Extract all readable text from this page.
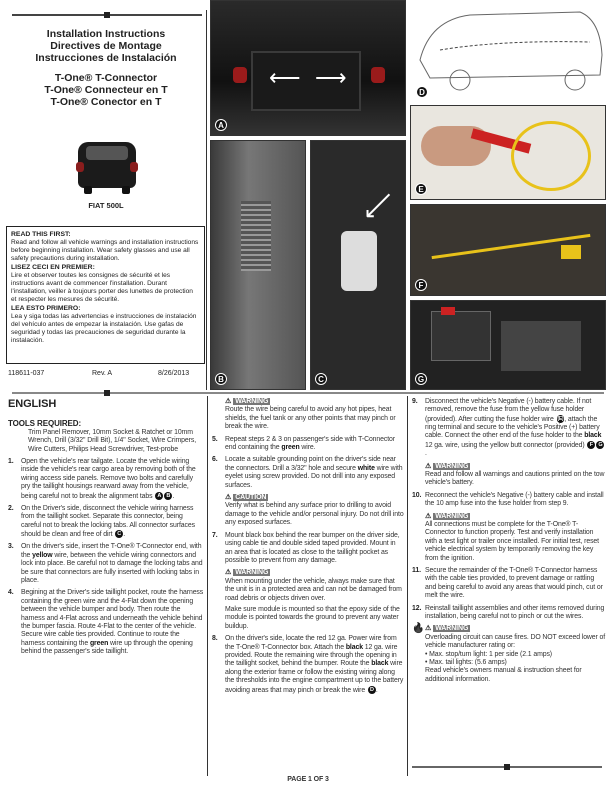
Installation Instructions
Directives de Montage
Instrucciones de Instalación
T-One® T-Connector
T-One® Connecteur en T
T-One® Conector en T
FIAT 500L
READ THIS FIRST:

Read and follow all vehicle warnings and installation instructions before beginning installation. Wear safety glasses and use all safety precautions during installation.

LISEZ CECI EN PREMIER:

Lire et observer toutes les consignes de sécurité et les instructions avant de commencer l'installation. Durant l'installation, veiller à toujours porter des lunettes de protection et respecter les mesures de sécurité.

LEA ESTO PRIMERO:

Lea y siga todas las advertencias e instrucciones de instalación del vehículo antes de empezar la instalación. Use gafas de seguridad y todas las precauciones de seguridad durante la instalación.

118611-037	Rev. A	8/26/2013
⟵ ⟶
A
D
B
⟵
C
E
F
G
ENGLISH
TOOLS REQUIRED:
Trim Panel Remover, 10mm Socket & Ratchet or 10mm Wrench, Drill (3/32" Drill Bit), 1/4" Socket, Wire Crimpers, Wire Cutters, Philips Head Screwdriver, Test-probe
1.	Open the vehicle's rear tailgate. Locate the vehicle wiring inside the vehicle's rear cargo area by removing both of the wiring access side panels. Remove two bolts and carefully pry the taillight housings rearward away from the vehicle, being careful not to break the alignment tabs A B .
2.	On the Driver's side, disconnect the vehicle wiring harness from the taillight socket. Separate this connector, being careful not to break the locking tabs. All connector surfaces should be clean and free of dirt C .
3.	On the driver's side, insert the T-One® T-Connector end, with the yellow wire, between the vehicle wiring connectors and lock into place. Be careful not to damage the locking tabs and be sure that connectors are fully inserted with locking tabs in place.
4.	Begining at the Driver's side taillight pocket, route the harness containing the green wire and the 4-Flat down the opening between the vehicle bumper and body. Then route the harness and 4-Flat across and underneath the vehicle behind the bumper fascia. Route 4-Flat to the center of the vehicle. Secure wire cable ties provided. Continue to route the harness containing the green wire up through the opening behind the passenger's side taillight.
⚠ WARNING
Route the wire being careful to avoid any hot pipes, heat shields, the fuel tank or any other points that may pinch or break the wire.
5.	Repeat steps 2 & 3 on passenger's side with T-Connector end containing the green wire.
6.	Locate a suitable grounding point on the driver's side near the connectors. Drill a 3/32" hole and secure white wire with eyelet using screw provided. Do not drill into any exposed surfaces.
⚠ CAUTION
Verify what is behind any surface prior to drilling to avoid damage to the vehicle and/or personal injury. Do not drill into any exposed surfaces.
7.	Mount black box behind the rear bumper on the driver side, using cable tie and double sided taped provided. Mount in an area that is located as close to the taillight pocket as possible to prevent from any damage.
⚠ WARNING
When mounting under the vehicle, always make sure that the unit is in a protected area and can not be damaged from road debris or objects driven over.
Make sure module is mounted so that the epoxy side of the module is pointed towards the ground to prevent any water buildup.
8.	On the driver's side, locate the red 12 ga. Power wire from the T-One® T-Connector box. Attach the black 12 ga. wire provided. Route the remaining wire through the opening in the taillight socket, behind the bumper. Route the black wire along the exterior frame or follow the existing wiring along the thresholds into the engine compartment up to the battery avoiding areas that may pinch or break the wire D .
PAGE 1 OF 3
9.	Disconnect the vehicle's Negative (-) battery cable. If not removed, remove the fuse from the yellow fuse holder (provided). After cutting the fuse holder wire (E), attach the ring terminal and secure to the vehicle's Positive (+) battery cable. Connect the other end of the fuse holder to the black 12 ga. wire, using the yellow butt connector (provided) F G.
⚠ WARNING
Read and follow all warnings and cautions printed on the tow vehicle's battery.
10. Reconnect the vehicle's Negative (-) battery cable and install the 10 amp fuse into the fuse holder from step 9.
⚠ WARNING
All connections must be complete for the T-One® T-Connector to function properly. Test and verify installation with a test light or trailer once installed. For initial test, reset vehicle electrical system by temporarily removing the key from the ignition.
11. Secure the remainder of the T-One® T-Connector harness with the cable ties provided, to prevent damage or rattling and being careful to avoid any areas that would pinch, cut or melt the wire.
12. Reinstall taillight assemblies and other items removed during installation, being careful not to pinch or cut the wires.
🔥 ⚠ WARNING
Overloading circuit can cause fires. DO NOT exceed lower of vehicle manufacturer rating or:
• Max. stop/turn light: 1 per side (2.1 amps)
• Max. tail lights: (5.6 amps)
Read vehicle's owners manual & instruction sheet for additional information.
